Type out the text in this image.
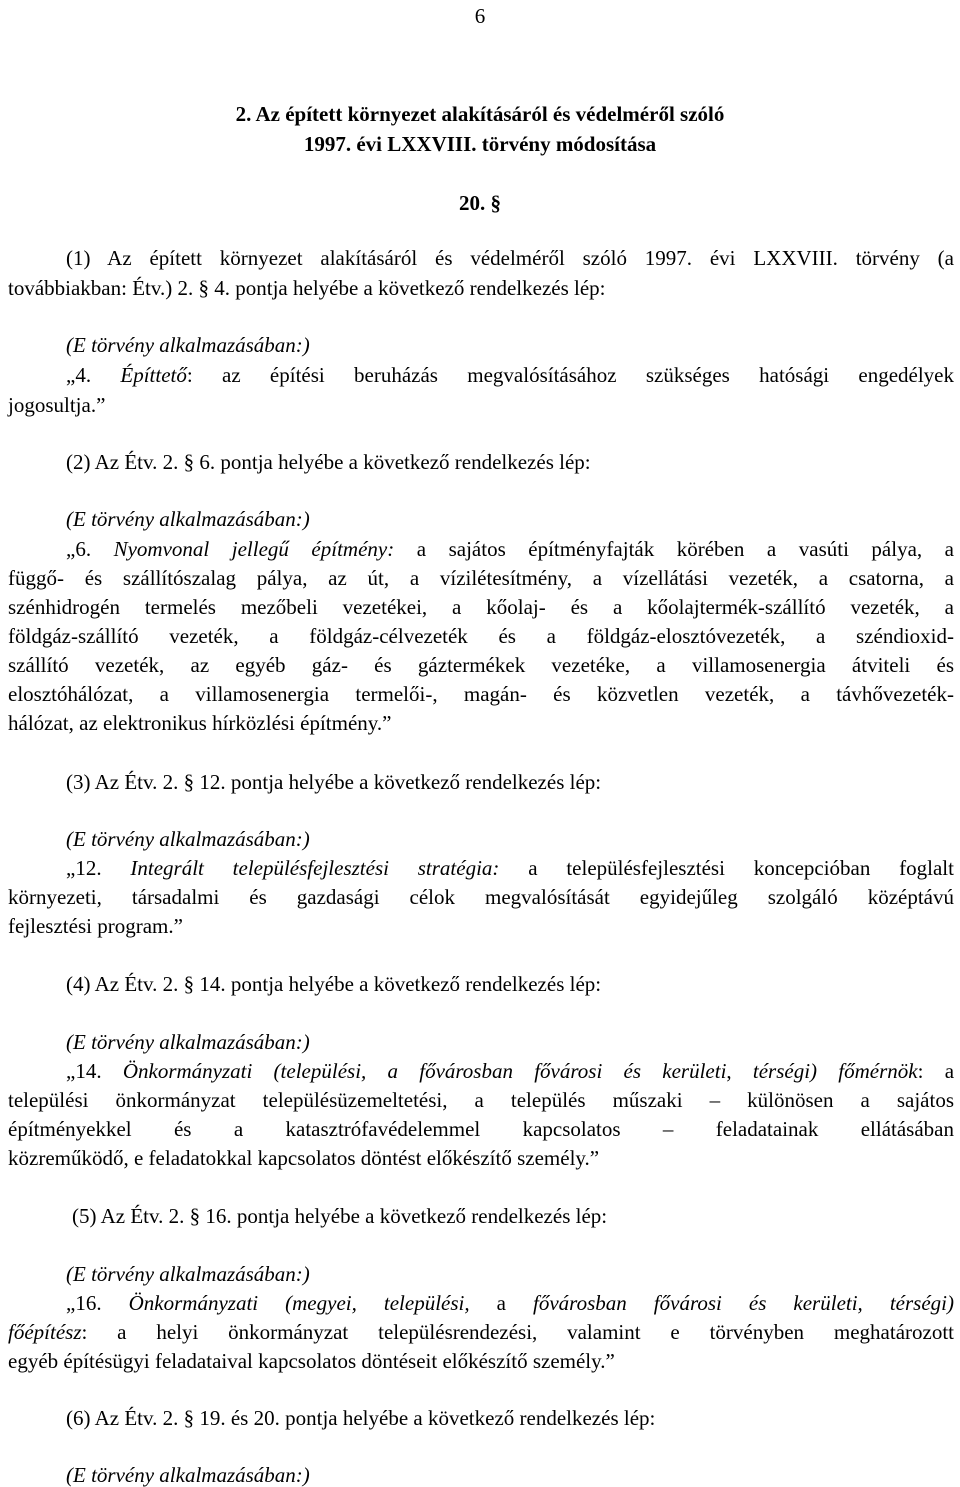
6
2. Az épített környezet alakításáról és védelméről szóló
1997. évi LXXVIII. törvény módosítása
20. §
(1) Az épített környezet alakításáról és védelméről szóló 1997. évi LXXVIII. törvény (a
továbbiakban: Étv.) 2. § 4. pontja helyébe a következő rendelkezés lép:
(E törvény alkalmazásában:)
„4. Építtető: az építési beruházás megvalósításához szükséges hatósági engedélyek
jogosultja.”
(2) Az Étv. 2. § 6. pontja helyébe a következő rendelkezés lép:
(E törvény alkalmazásában:)
„6. Nyomvonal jellegű építmény: a sajátos építményfajták körében a vasúti pálya, a
függő- és szállítószalag pálya, az út, a vízilétesítmény, a vízellátási vezeték, a csatorna, a
szénhidrogén termelés mezőbeli vezetékei, a kőolaj- és a kőolajtermék-szállító vezeték, a
földgáz-szállító vezeték, a földgáz-célvezeték és a földgáz-elosztóvezeték, a széndioxid-
szállító vezeték, az egyéb gáz- és gáztermékek vezetéke, a villamosenergia átviteli és
elosztóhálózat, a villamosenergia termelői-, magán- és közvetlen vezeték, a távhővezeték-
hálózat, az elektronikus hírközlési építmény.”
(3) Az Étv. 2. § 12. pontja helyébe a következő rendelkezés lép:
(E törvény alkalmazásában:)
„12. Integrált településfejlesztési stratégia: a településfejlesztési koncepcióban foglalt
környezeti, társadalmi és gazdasági célok megvalósítását egyidejűleg szolgáló középtávú
fejlesztési program.”
(4) Az Étv. 2. § 14. pontja helyébe a következő rendelkezés lép:
(E törvény alkalmazásában:)
„14. Önkormányzati (települési, a fővárosban fővárosi és kerületi, térségi) főmérnök: a
települési önkormányzat településüzemeltetési, a település műszaki – különösen a sajátos
építményekkel és a katasztrófavédelemmel kapcsolatos – feladatainak ellátásában
közreműködő, e feladatokkal kapcsolatos döntést előkészítő személy.”
(5) Az Étv. 2. § 16. pontja helyébe a következő rendelkezés lép:
(E törvény alkalmazásában:)
„16. Önkormányzati (megyei, települési, a fővárosban fővárosi és kerületi, térségi)
főépítész: a helyi önkormányzat településrendezési, valamint e törvényben meghatározott
egyéb építésügyi feladataival kapcsolatos döntéseit előkészítő személy.”
(6) Az Étv. 2. § 19. és 20. pontja helyébe a következő rendelkezés lép:
(E törvény alkalmazásában:)
